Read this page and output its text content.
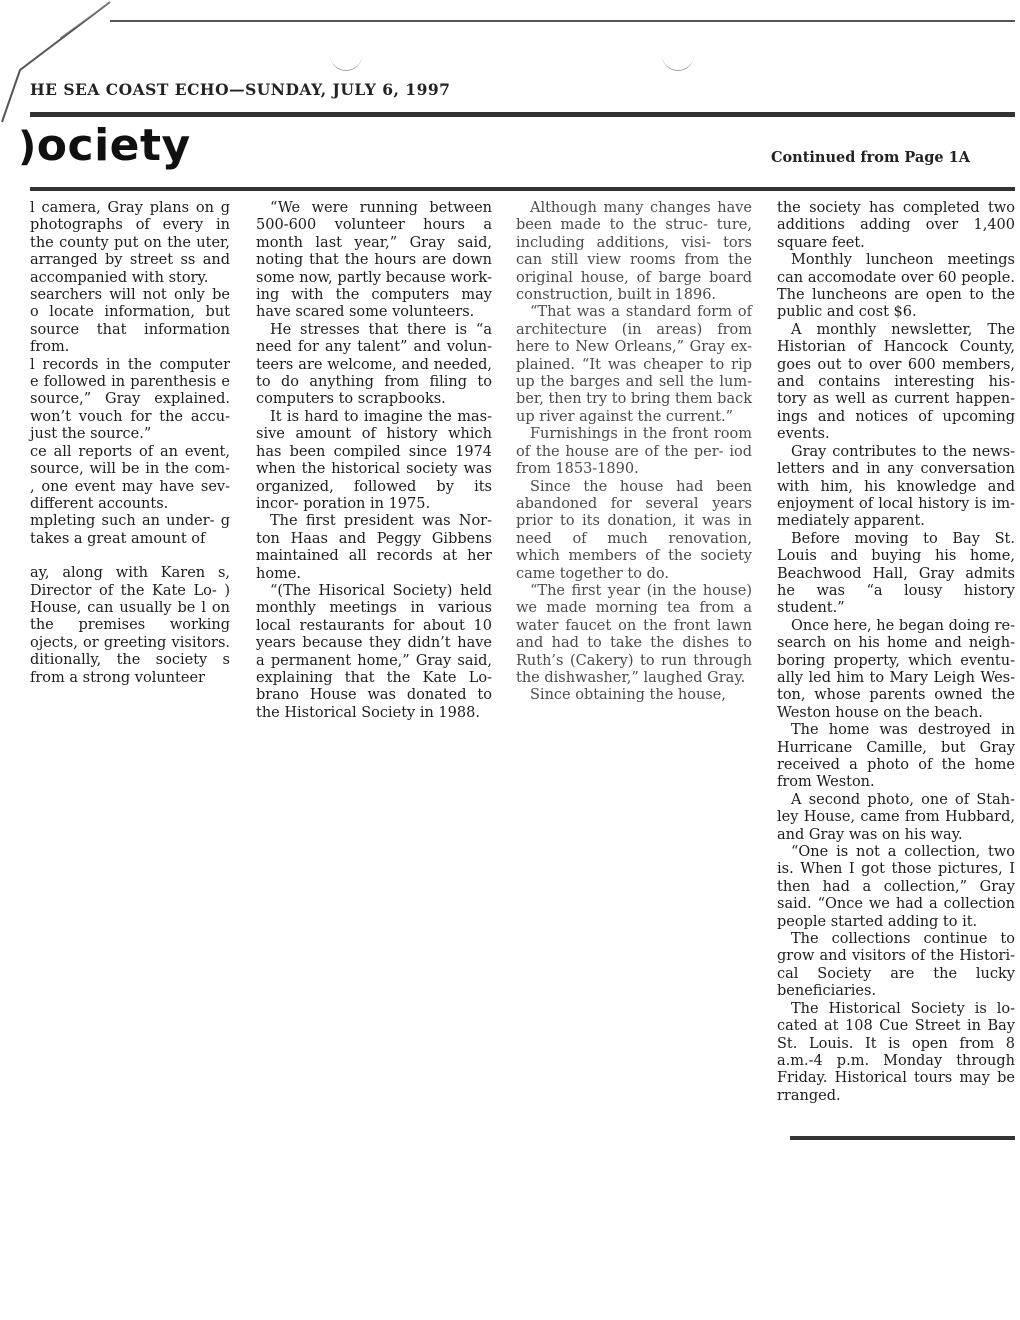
HE SEA COAST ECHO—SUNDAY, JULY 6, 1997
)ociety	Continued from Page 1A

l camera, Gray plans on g photographs of every in the county put on the uter, arranged by street ss and accompanied with story.

searchers will not only be o locate information, but source that information from.

l records in the computer e followed in parenthesis e source,” Gray explained. won’t vouch for the accu- just the source.”

ce all reports of an event, source, will be in the com- , one event may have sev- different accounts.

mpleting such an under- g takes a great amount of

ay, along with Karen s, Director of the Kate Lo- ) House, can usually be l on the premises working ojects, or greeting visitors. ditionally, the society s from a strong volunteer

“We were running between 500-600 volunteer hours a month last year,” Gray said, noting that the hours are down some now, partly because work- ing with the computers may have scared some volunteers.

He stresses that there is “a need for any talent” and volun- teers are welcome, and needed, to do anything from filing to computers to scrapbooks.

It is hard to imagine the mas- sive amount of history which has been compiled since 1974 when the historical society was organized, followed by its incor- poration in 1975.

The first president was Nor- ton Haas and Peggy Gibbens maintained all records at her home.

“(The Hisorical Society) held monthly meetings in various local restaurants for about 10 years because they didn’t have a permanent home,” Gray said, explaining that the Kate Lo- brano House was donated to the Historical Society in 1988.

Although many changes have been made to the struc- ture, including additions, visi- tors can still view rooms from the original house, of barge board construction, built in 1896.

“That was a standard form of architecture (in areas) from here to New Orleans,” Gray ex- plained. “It was cheaper to rip up the barges and sell the lum- ber, then try to bring them back up river against the current.”

Furnishings in the front room of the house are of the per- iod from 1853-1890.

Since the house had been abandoned for several years prior to its donation, it was in need of much renovation, which members of the society came together to do.

“The first year (in the house) we made morning tea from a water faucet on the front lawn and had to take the dishes to Ruth’s (Cakery) to run through the dishwasher,” laughed Gray.

Since obtaining the house,

the society has completed two additions adding over 1,400 square feet.

Monthly luncheon meetings can accomodate over 60 people. The luncheons are open to the public and cost $6.

A monthly newsletter, The Historian of Hancock County, goes out to over 600 members, and contains interesting his- tory as well as current happen- ings and notices of upcoming events.

Gray contributes to the news- letters and in any conversation with him, his knowledge and enjoyment of local history is im- mediately apparent.

Before moving to Bay St. Louis and buying his home, Beachwood Hall, Gray admits he was “a lousy history student.”

Once here, he began doing re- search on his home and neigh- boring property, which eventu- ally led him to Mary Leigh Wes- ton, whose parents owned the Weston house on the beach.

The home was destroyed in Hurricane Camille, but Gray received a photo of the home from Weston.

A second photo, one of Stah- ley House, came from Hubbard, and Gray was on his way.

“One is not a collection, two is. When I got those pictures, I then had a collection,” Gray said. “Once we had a collection people started adding to it.

The collections continue to grow and visitors of the Histori- cal Society are the lucky beneficiaries.

The Historical Society is lo- cated at 108 Cue Street in Bay St. Louis. It is open from 8 a.m.-4 p.m. Monday through Friday. Historical tours may be rranged.
